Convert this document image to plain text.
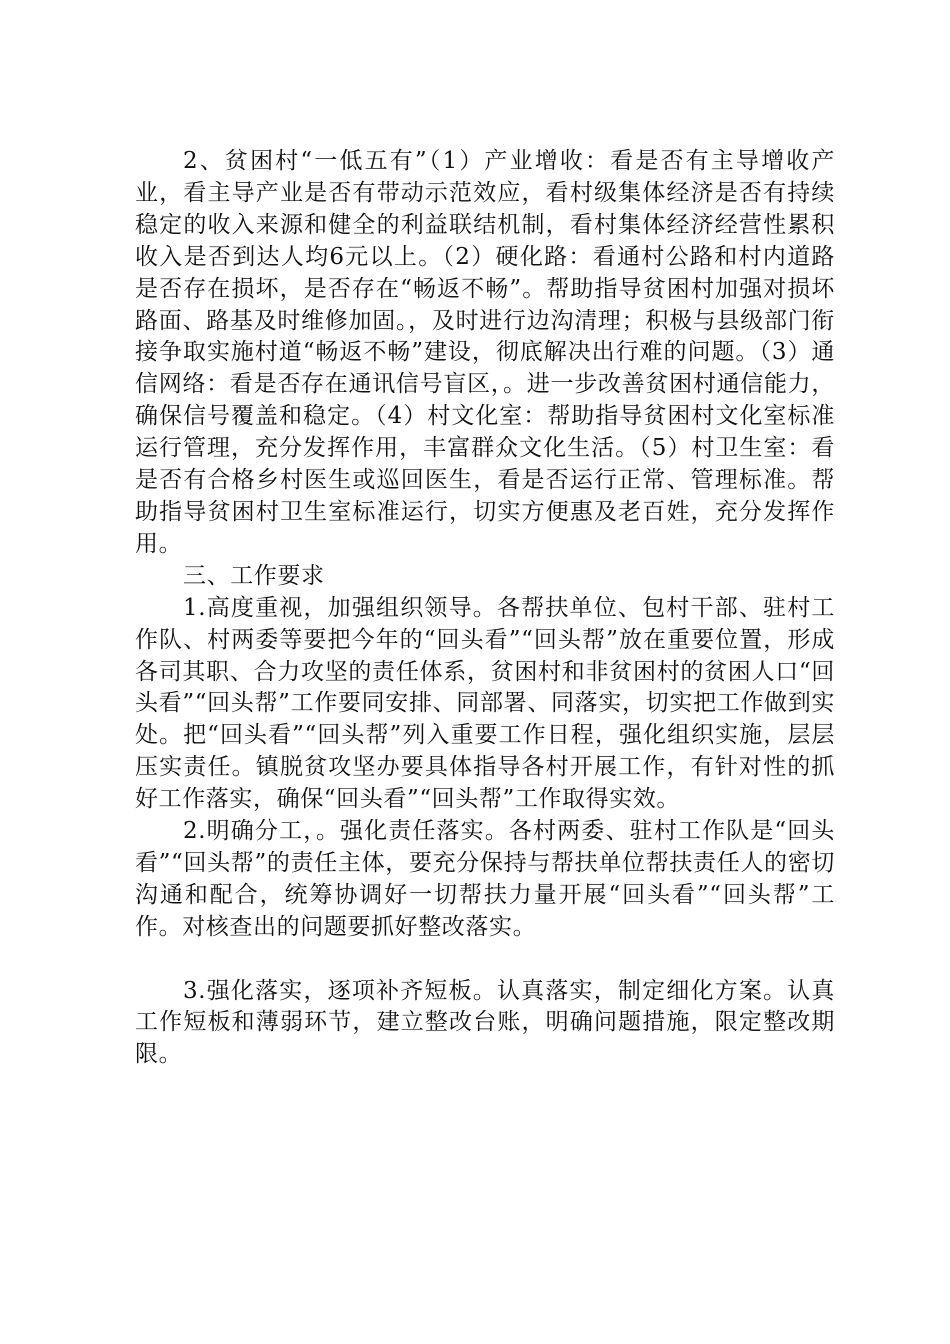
2、贫困村“一低五有”（1）产业增收：看是否有主导增收产业，看主导产业是否有带动示范效应，看村级集体经济是否有持续稳定的收入来源和健全的利益联结机制，看村集体经济经营性累积收入是否到达人均6元以上。（2）硬化路：看通村公路和村内道路是否存在损坏，是否存在“畅返不畅”。帮助指导贫困村加强对损坏路面、路基及时维修加固。，及时进行边沟清理；积极与县级部门衔接争取实施村道“畅返不畅”建设，彻底解决出行难的问题。（3）通信网络：看是否存在通讯信号盲区，。进一步改善贫困村通信能力，确保信号覆盖和稳定。（4）村文化室：帮助指导贫困村文化室标准运行管理，充分发挥作用，丰富群众文化生活。（5）村卫生室：看是否有合格乡村医生或巡回医生，看是否运行正常、管理标准。帮助指导贫困村卫生室标准运行，切实方便惠及老百姓，充分发挥作用。

三、工作要求

1.高度重视，加强组织领导。各帮扶单位、包村干部、驻村工作队、村两委等要把今年的“回头看”“回头帮”放在重要位置，形成各司其职、合力攻坚的责任体系，贫困村和非贫困村的贫困人口“回头看”“回头帮”工作要同安排、同部署、同落实，切实把工作做到实处。把“回头看”“回头帮”列入重要工作日程，强化组织实施，层层压实责任。镇脱贫攻坚办要具体指导各村开展工作，有针对性的抓好工作落实，确保“回头看”“回头帮”工作取得实效。

2.明确分工，。强化责任落实。各村两委、驻村工作队是“回头看”“回头帮”的责任主体，要充分保持与帮扶单位帮扶责任人的密切沟通和配合，统筹协调好一切帮扶力量开展“回头看”“回头帮”工作。对核查出的问题要抓好整改落实。

3.强化落实，逐项补齐短板。认真落实，制定细化方案。认真工作短板和薄弱环节，建立整改台账，明确问题措施，限定整改期限。
